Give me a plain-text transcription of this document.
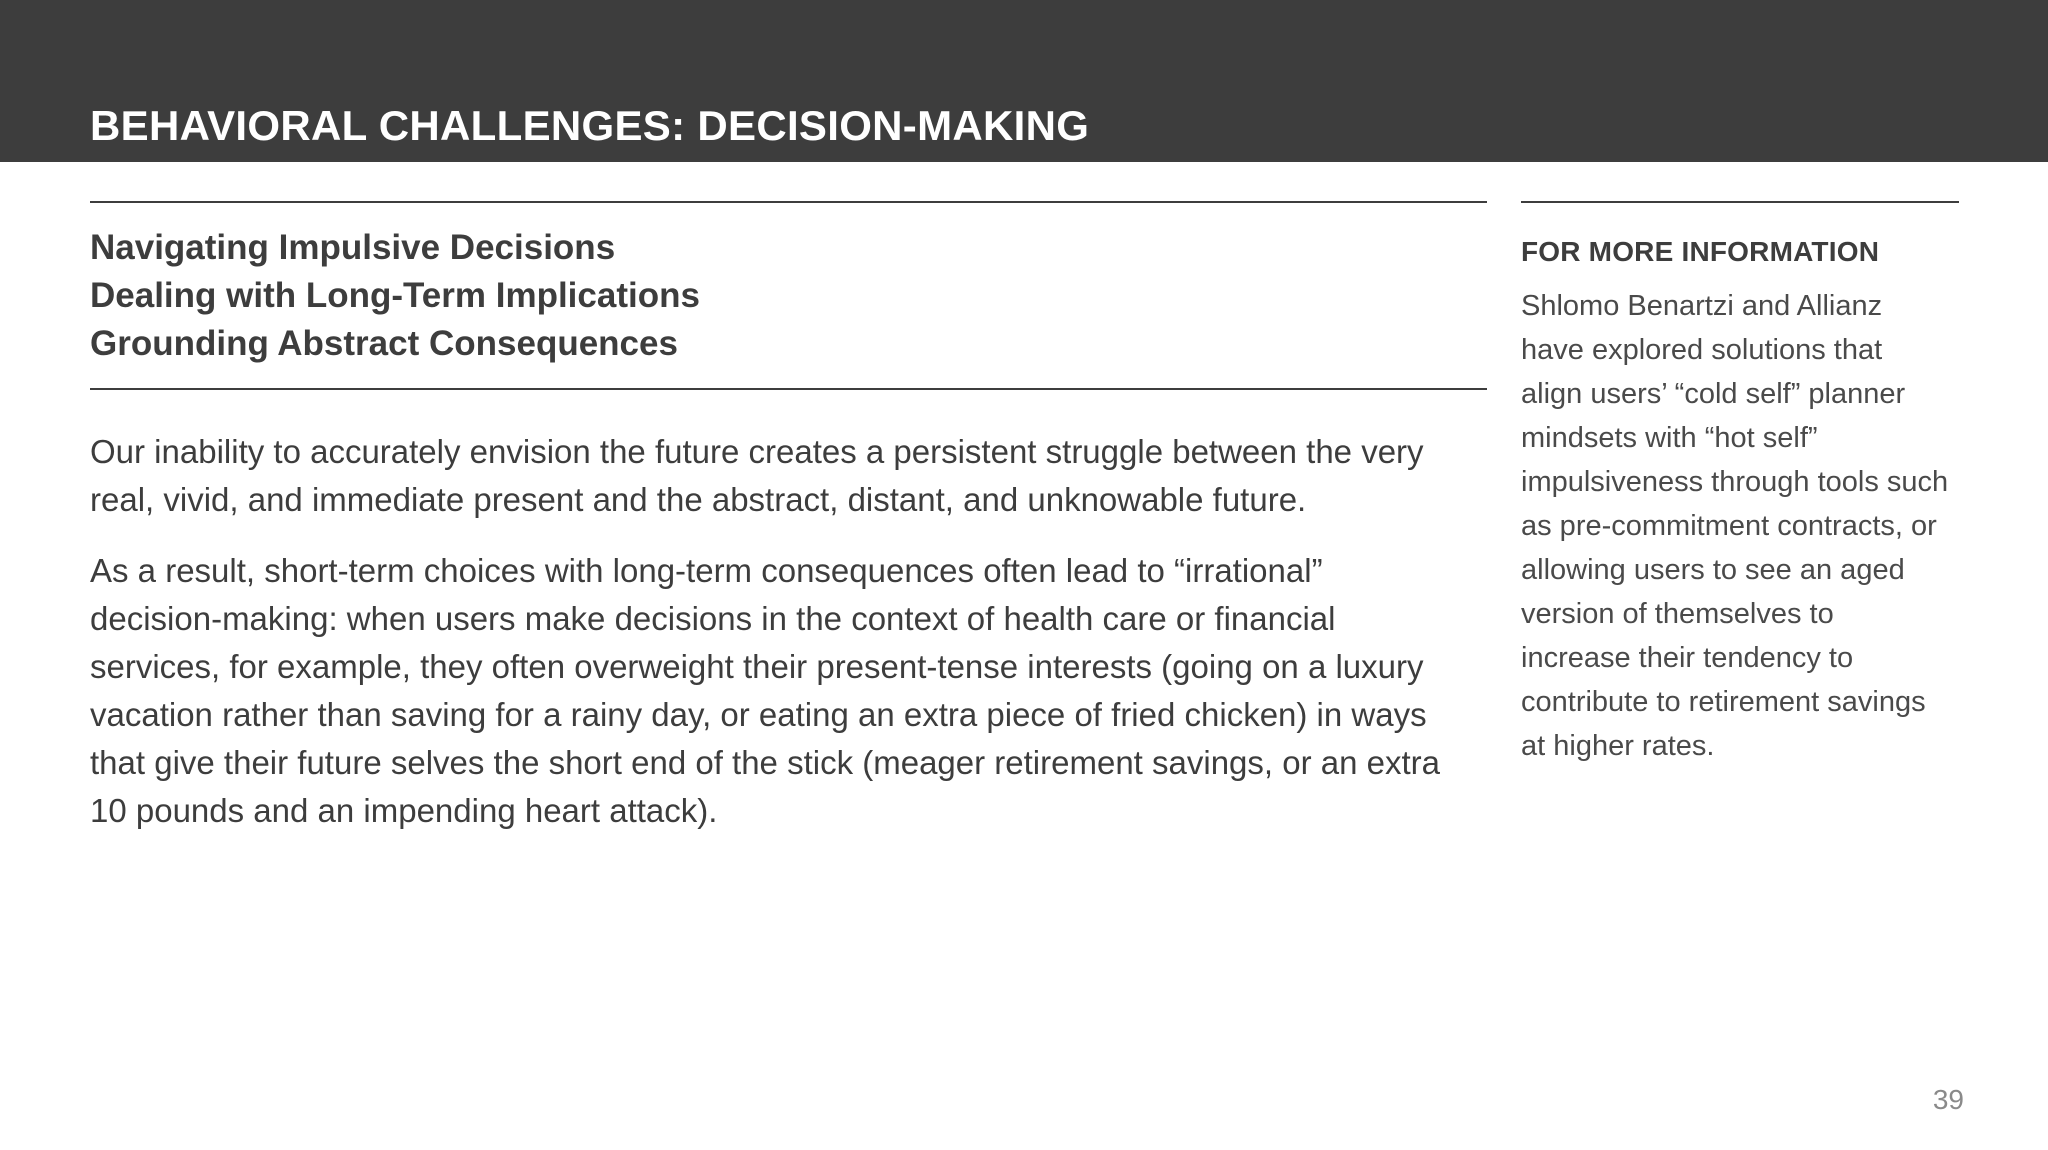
BEHAVIORAL CHALLENGES: DECISION-MAKING
Navigating Impulsive Decisions
Dealing with Long-Term Implications
Grounding Abstract Consequences

Our inability to accurately envision the future creates a persistent struggle between the very real, vivid, and immediate present and the abstract, distant, and unknowable future.

As a result, short-term choices with long-term consequences often lead to “irrational” decision-making: when users make decisions in the context of health care or financial services, for example, they often overweight their present-tense interests (going on a luxury vacation rather than saving for a rainy day, or eating an extra piece of fried chicken) in ways that give their future selves the short end of the stick (meager retirement savings, or an extra 10 pounds and an impending heart attack).

FOR MORE INFORMATION

Shlomo Benartzi and Allianz have explored solutions that align users’ “cold self” planner mindsets with “hot self” impulsiveness through tools such as pre-commitment contracts, or allowing users to see an aged version of themselves to increase their tendency to contribute to retirement savings at higher rates.

39
